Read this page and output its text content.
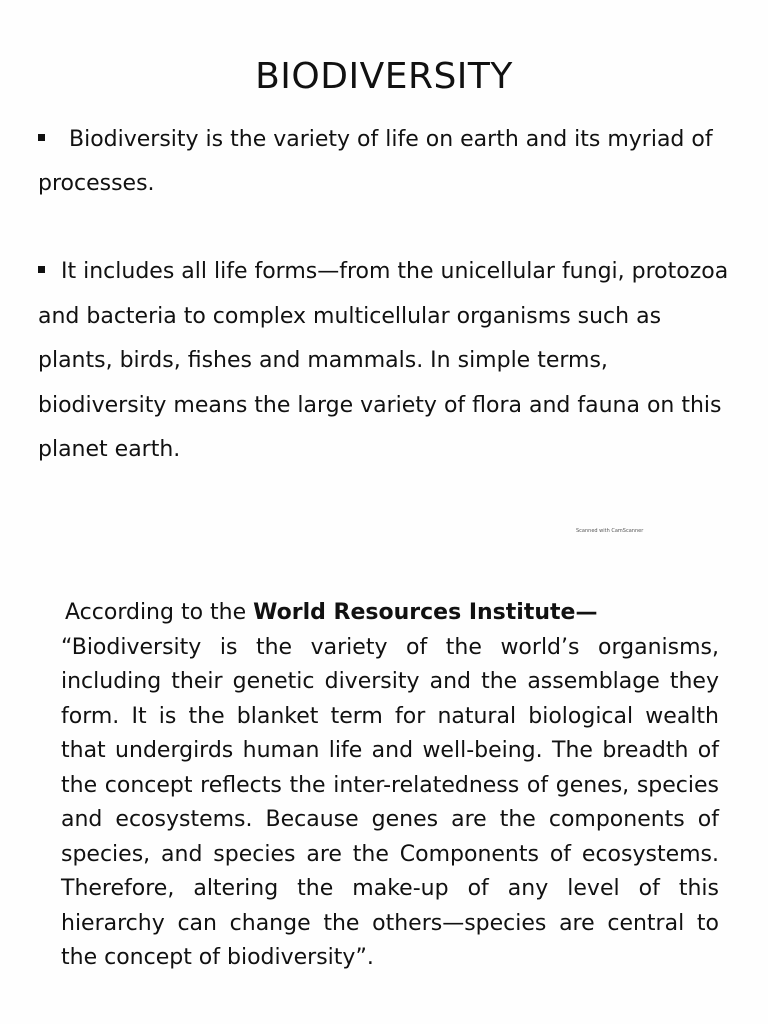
BIODIVERSITY
Biodiversity is the variety of life on earth and its myriad of processes.
It includes all life forms—from the unicellular fungi, protozoa and bacteria to complex multicellular organisms such as plants, birds, fishes and mammals. In simple terms, biodiversity means the large variety of flora and fauna on this planet earth.
Scanned with CamScanner
According to the World Resources Institute—

“Biodiversity is the variety of the world’s organisms, including their genetic diversity and the assemblage they form. It is the blanket term for natural biological wealth that undergirds human life and well-being. The breadth of the concept reflects the inter-relatedness of genes, species and ecosystems. Because genes are the components of species, and species are the Components of ecosystems. Therefore, altering the make-up of any level of this hierarchy can change the others—species are central to the concept of biodiversity”.
